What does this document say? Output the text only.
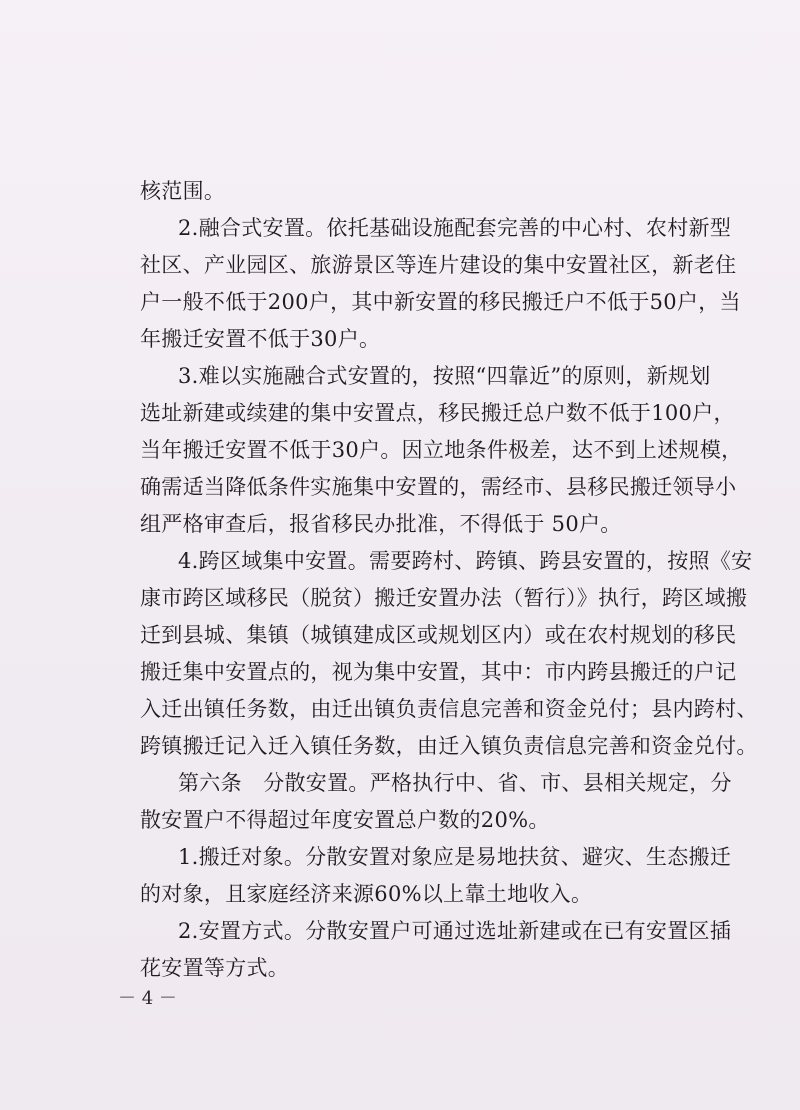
核范围。
2.融合式安置。依托基础设施配套完善的中心村、农村新型
社区、产业园区、旅游景区等连片建设的集中安置社区，新老住
户一般不低于200户，其中新安置的移民搬迁户不低于50户，当
年搬迁安置不低于30户。
3.难以实施融合式安置的，按照“四靠近”的原则，新规划
选址新建或续建的集中安置点，移民搬迁总户数不低于100户，
当年搬迁安置不低于30户。因立地条件极差，达不到上述规模，
确需适当降低条件实施集中安置的，需经市、县移民搬迁领导小
组严格审查后，报省移民办批准，不得低于 50户。
4.跨区域集中安置。需要跨村、跨镇、跨县安置的，按照《安
康市跨区域移民（脱贫）搬迁安置办法（暂行）》执行，跨区域搬
迁到县城、集镇（城镇建成区或规划区内）或在农村规划的移民
搬迁集中安置点的，视为集中安置，其中：市内跨县搬迁的户记
入迁出镇任务数，由迁出镇负责信息完善和资金兑付；县内跨村、
跨镇搬迁记入迁入镇任务数，由迁入镇负责信息完善和资金兑付。
第六条　分散安置。严格执行中、省、市、县相关规定，分
散安置户不得超过年度安置总户数的20%。
1.搬迁对象。分散安置对象应是易地扶贫、避灾、生态搬迁
的对象，且家庭经济来源60%以上靠土地收入。
2.安置方式。分散安置户可通过选址新建或在已有安置区插
花安置等方式。
－ 4 －
